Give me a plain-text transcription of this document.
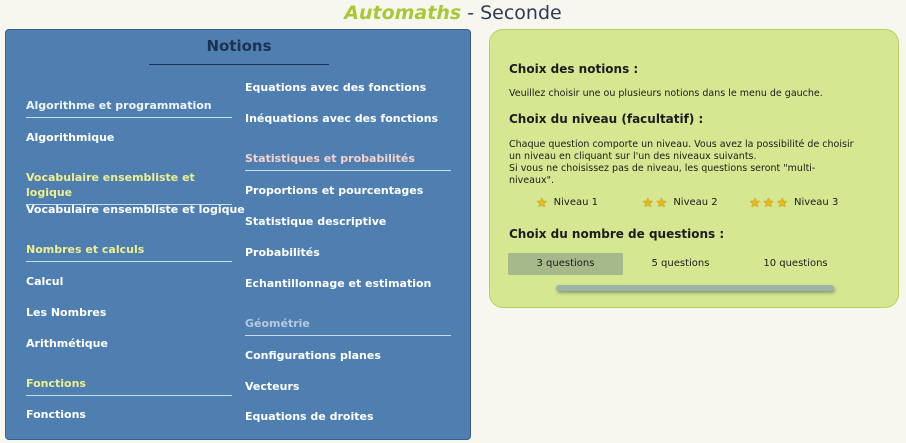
Automaths - Seconde
Notions
Algorithme et programmation
Algorithmique
Vocabulaire ensembliste et logique
Vocabulaire ensembliste et logique
Nombres et calculs
Calcul
Les Nombres
Arithmétique
Fonctions
Fonctions
Equations avec des fonctions
Inéquations avec des fonctions
Statistiques et probabilités
Proportions et pourcentages
Statistique descriptive
Probabilités
Echantillonnage et estimation
Géométrie
Configurations planes
Vecteurs
Equations de droites
Choix des notions :
Veuillez choisir une ou plusieurs notions dans le menu de gauche.
Choix du niveau (facultatif) :
Chaque question comporte un niveau. Vous avez la possibilité de choisir
un niveau en cliquant sur l'un des niveaux suivants.
Si vous ne choisissez pas de niveau, les questions seront "multi-
niveaux".
★ Niveau 1	★ ★ Niveau 2 ★ ★ ★ Niveau 3
Choix du nombre de questions :
3 questions	5 questions	10 questions
